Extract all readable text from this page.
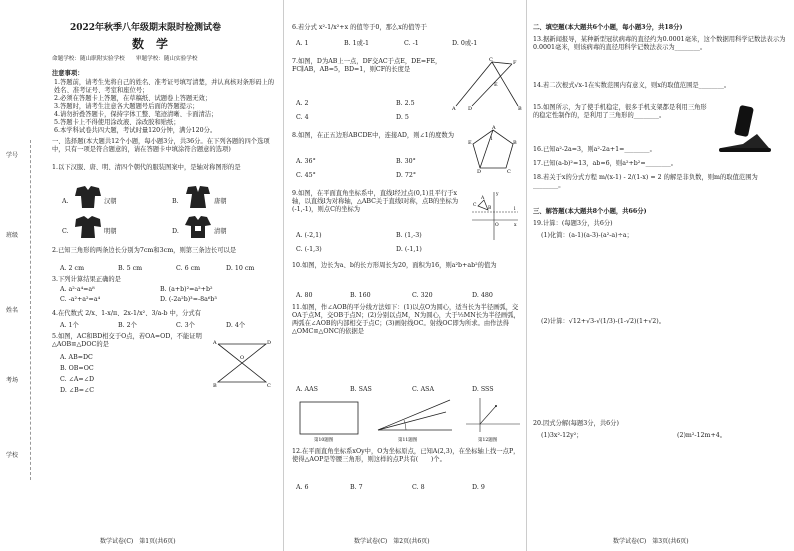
学号
班级
姓名
考场
学校
2022年秋季八年级期末限时检测试卷
数　学
命题学校：随山职附实验学校　　审题学校：随山实验学校
注意事项：
1.答题前，请考生先将自己的姓名、准考证号填写清楚，并认真核对条形码上的姓名、准考证号、考室和座位号；
2.必须在答题卡上答题，在草稿纸、试题卷上答题无效；
3.答题时，请考生注意各大题题号后面的答题提示；
4.请勿折叠答题卡，保持字体工整、笔迹清晰、卡面清洁；
5.答题卡上不得使用涂改液、涂改胶和贴纸；
6.本学科试卷共四大题，考试时量120分钟，满分120分。
一、选择题(本大题共12个小题，每小题3分，共36分。在下列各题的四个选项中，只有一项是符合题意的，请在答题卡中填涂符合题意的选项)
1.以下汉服、唐、明、清四个朝代的服装图案中，是轴对称图形的是
A.	汉朝	B.	唐朝
C.	明朝	D.	清朝
2.已知三角形的两条边长分别为7cm和3cm，则第三条边长可以是
A. 2 cm	B. 5 cm	C. 6 cm	D. 10 cm
3.下列计算结果正确的是
A. a²·a⁴=a⁸	B. (a+b)²=a²+b²
C. -a²+a²=a⁴	D. (-2a²b)³=-8a⁶b³
4.在代数式 2/x、1-x/π、2x-1/x²、3/a-b 中，分式有
A. 1个	B. 2个	C. 3个	D. 4个
5.如图，AC和BD相交于O点，若OA=OD，不能证明△AOB≌△DOC的是
A. AB=DC
B. OB=OC
C. ∠A=∠D
D. ∠B=∠C
A
B
O
C
D
数学试卷(C)　第1页(共6页)
6.若分式 x²-1/x²+x 的值等于0，那么x的值等于
A. 1	B. 1或-1	C. -1	D. 0或-1
7.如图，D为AB上一点，DF交AC于点E，DE=FE，FC∥AB，AB=5，BD=1，则CF的长度是
A. 2	B. 2.5
C. 4	D. 5
A D	B
E
F
C
8.如图，在正五边形ABCDE中，连接AD，则∠1的度数为
A. 36°	B. 30°
C. 45°	D. 72°
A
B
C
D
E
1
9.如图，在平面直角坐标系中，直线l经过点(0,1)且平行于x轴，以直线l为对称轴，△ABC关于直线l对称，点B的坐标为(-1,-1)，则点C的坐标为
A. (-2,1)	B. (1,-3)
C. (-1,3)	D. (-1,1)
y
x
O
l
A
B
C
10.如图，边长为a、b的长方形周长为20，面积为16，则a²b+ab²的值为
A. 80	B. 160	C. 320	D. 480
11.如图，作∠AOB的平分线方法如下：(1)以点O为圆心，适当长为半径画弧，交OA于点M，交OB于点N；(2)分别以点M，N为圆心，大于½MN长为半径画弧，两弧在∠AOB的内部相交于点C；(3)画射线OC。射线OC即为所求。由作法得△OMC≌△ONC的依据是
A. AAS	B. SAS	C. ASA	D. SSS
第10题图	第11题图	第12题图
12.在平面直角坐标系xOy中，O为坐标原点，已知A(2,3)，在坐标轴上找一点P，使得△AOP是等腰三角形，则这样的点P共有(　　)个。
A. 6	B. 7	C. 8	D. 9
数学试卷(C)　第2页(共6页)
二、填空题(本大题共6个小题，每小题3分，共18分)
13.据新闻报导，某种新型冠状病毒的直径约为0.0001毫米，这个数据用科学记数法表示为0.0001毫米，则该病毒的直径用科学记数法表示为________。
14.若二次根式√x-1在实数范围内有意义，则x的取值范围是________。
15.如图所示，为了使手机稳定，很多手机支架都是利用三角形的稳定性制作的，是利用了三角形的________。
16.已知a²-2a=3，则a²-2a+1=________。
17.已知(a-b)²=13，ab=6，则a²+b²=________。
18.若关于x的分式方程 m/(x-1) - 2/(1-x) = 2 的解是非负数，则m的取值范围为________。
三、解答题(本大题共8个小题，共66分)
19.计算：(每题3分，共6分)
(1)化简：(a-1)(a-3)-(a²-a)÷a；
(2)计算：√12+√3-√(1/3)-(1-√2)(1+√2)。
20.因式分解(每题3分，共6分)
(1)3x²-12y²；	(2)m²-12m+4。
数学试卷(C)　第3页(共6页)
